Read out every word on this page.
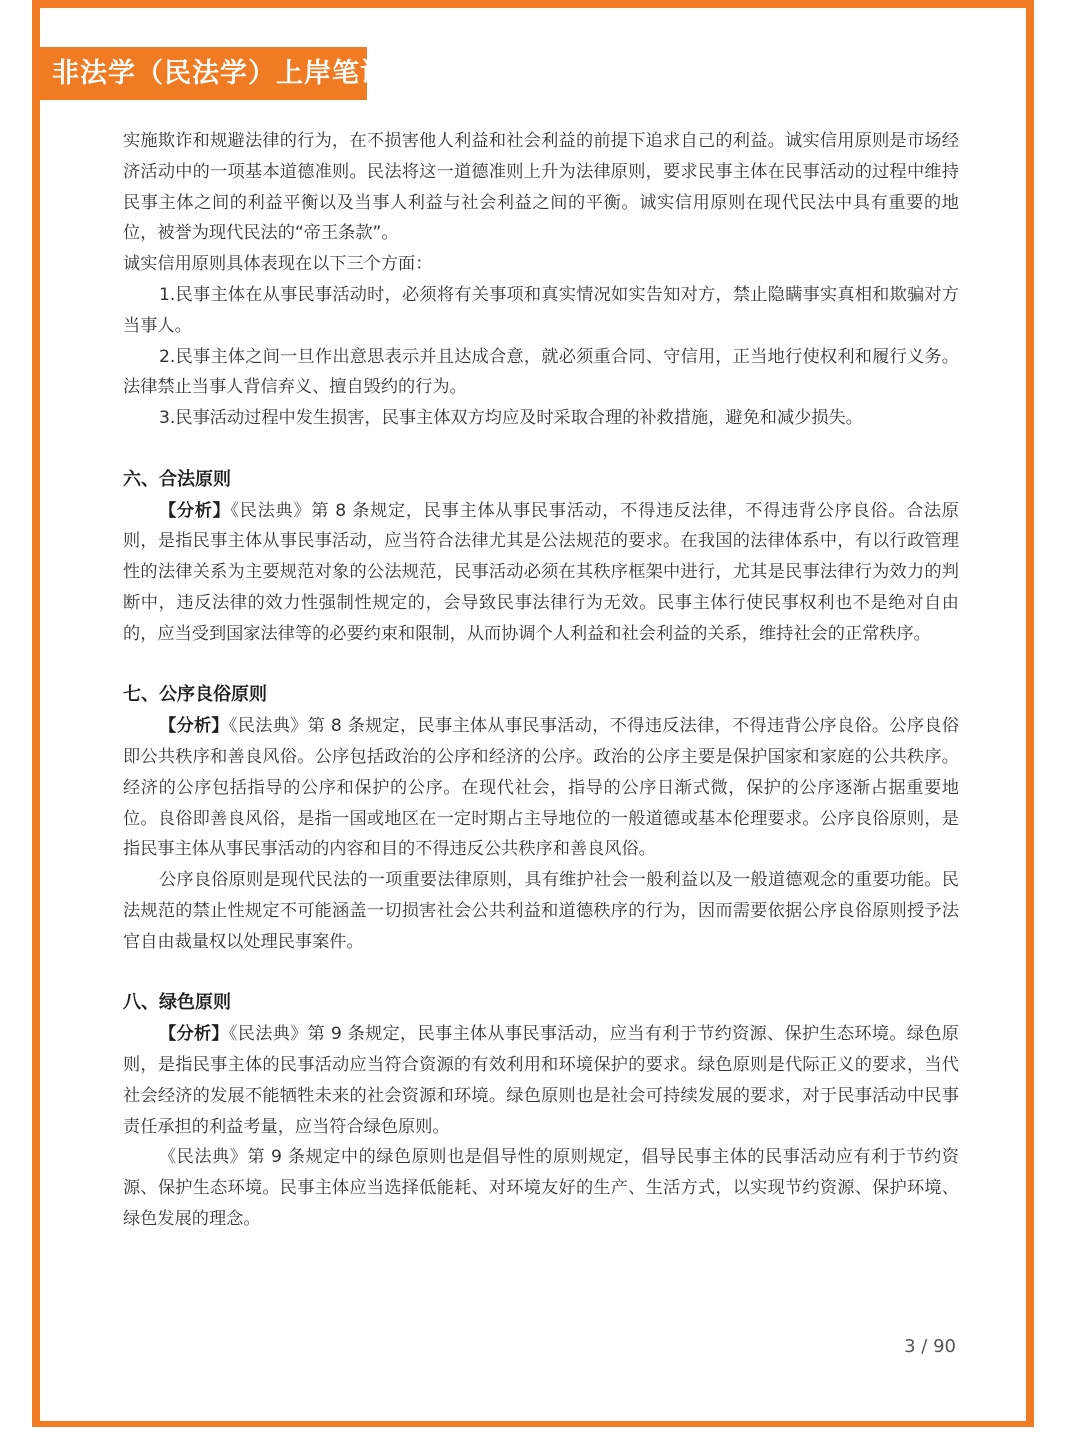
非法学（民法学）上岸笔记

实施欺诈和规避法律的行为，在不损害他人利益和社会利益的前提下追求自己的利益。诚实信用原则是市场经济活动中的一项基本道德准则。民法将这一道德准则上升为法律原则，要求民事主体在民事活动的过程中维持民事主体之间的利益平衡以及当事人利益与社会利益之间的平衡。诚实信用原则在现代民法中具有重要的地位，被誉为现代民法的“帝王条款”。

诚实信用原则具体表现在以下三个方面：

1.民事主体在从事民事活动时，必须将有关事项和真实情况如实告知对方，禁止隐瞒事实真相和欺骗对方当事人。

2.民事主体之间一旦作出意思表示并且达成合意，就必须重合同、守信用，正当地行使权利和履行义务。法律禁止当事人背信弃义、擅自毁约的行为。

3.民事活动过程中发生损害，民事主体双方均应及时采取合理的补救措施，避免和减少损失。

六、合法原则

【分析】《民法典》第 8 条规定，民事主体从事民事活动，不得违反法律，不得违背公序良俗。合法原则，是指民事主体从事民事活动，应当符合法律尤其是公法规范的要求。在我国的法律体系中，有以行政管理性的法律关系为主要规范对象的公法规范，民事活动必须在其秩序框架中进行，尤其是民事法律行为效力的判断中，违反法律的效力性强制性规定的，会导致民事法律行为无效。民事主体行使民事权利也不是绝对自由的，应当受到国家法律等的必要约束和限制，从而协调个人利益和社会利益的关系，维持社会的正常秩序。

七、公序良俗原则

【分析】《民法典》第 8 条规定，民事主体从事民事活动，不得违反法律，不得违背公序良俗。公序良俗即公共秩序和善良风俗。公序包括政治的公序和经济的公序。政治的公序主要是保护国家和家庭的公共秩序。经济的公序包括指导的公序和保护的公序。在现代社会，指导的公序日渐式微，保护的公序逐渐占据重要地位。良俗即善良风俗，是指一国或地区在一定时期占主导地位的一般道德或基本伦理要求。公序良俗原则，是指民事主体从事民事活动的内容和目的不得违反公共秩序和善良风俗。

公序良俗原则是现代民法的一项重要法律原则，具有维护社会一般利益以及一般道德观念的重要功能。民法规范的禁止性规定不可能涵盖一切损害社会公共利益和道德秩序的行为，因而需要依据公序良俗原则授予法官自由裁量权以处理民事案件。

八、绿色原则

【分析】《民法典》第 9 条规定，民事主体从事民事活动，应当有利于节约资源、保护生态环境。绿色原则，是指民事主体的民事活动应当符合资源的有效利用和环境保护的要求。绿色原则是代际正义的要求，当代社会经济的发展不能牺牲未来的社会资源和环境。绿色原则也是社会可持续发展的要求，对于民事活动中民事责任承担的利益考量，应当符合绿色原则。

《民法典》第 9 条规定中的绿色原则也是倡导性的原则规定，倡导民事主体的民事活动应有利于节约资源、保护生态环境。民事主体应当选择低能耗、对环境友好的生产、生活方式，以实现节约资源、保护环境、绿色发展的理念。

3 / 90
